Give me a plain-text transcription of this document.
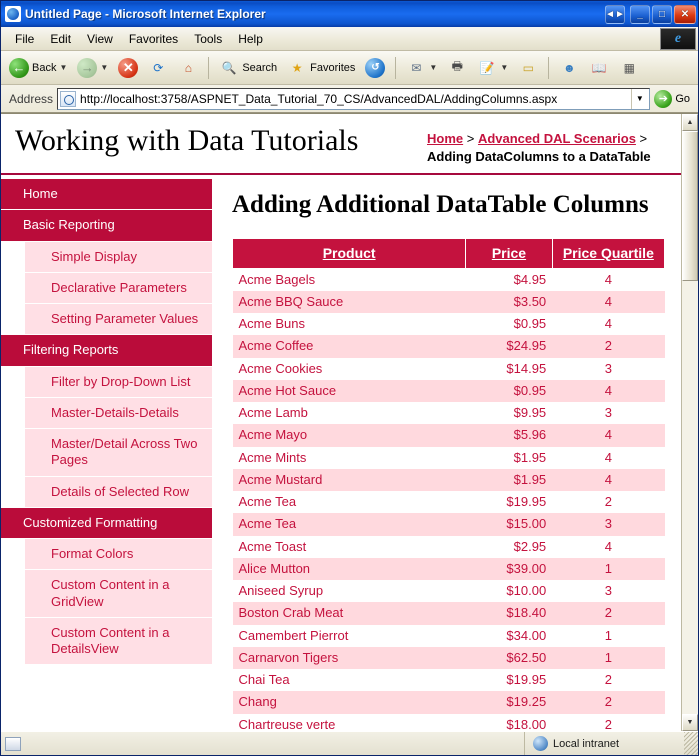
Untitled Page - Microsoft Internet Explorer	◄►	_	□	✕
File	Edit	View	Favorites	Tools	Help	e
← Back ▼ → ▼	✕	⟳	⌂	🔍 Search	★ Favorites	↺	✉ ▼	🖶	📝 ▼	▭	☻	📖	▦
Address http://localhost:3758/ASPNET_Data_Tutorial_70_CS/AdvancedDAL/AddingColumns.aspx	▼	➔ Go
Working with Data Tutorials	Home > Advanced DAL Scenarios > Adding DataColumns to a DataTable
Home
Basic Reporting
Simple Display
Declarative Parameters
Setting Parameter Values
Filtering Reports
Filter by Drop-Down List
Master-Details-Details
Master/Detail Across Two Pages
Details of Selected Row
Customized Formatting
Format Colors
Custom Content in a GridView
Custom Content in a DetailsView
Adding Additional DataTable Columns
Product	Price	Price Quartile
Acme Bagels	$4.95	4
Acme BBQ Sauce	$3.50	4
Acme Buns	$0.95	4
Acme Coffee	$24.95	2
Acme Cookies	$14.95	3
Acme Hot Sauce	$0.95	4
Acme Lamb	$9.95	3
Acme Mayo	$5.96	4
Acme Mints	$1.95	4
Acme Mustard	$1.95	4
Acme Tea	$19.95	2
Acme Tea	$15.00	3
Acme Toast	$2.95	4
Alice Mutton	$39.00	1
Aniseed Syrup	$10.00	3
Boston Crab Meat	$18.40	2
Camembert Pierrot	$34.00	1
Carnarvon Tigers	$62.50	1
Chai Tea	$19.95	2
Chang	$19.25	2
Chartreuse verte	$18.00	2
▲
▼
Local intranet
